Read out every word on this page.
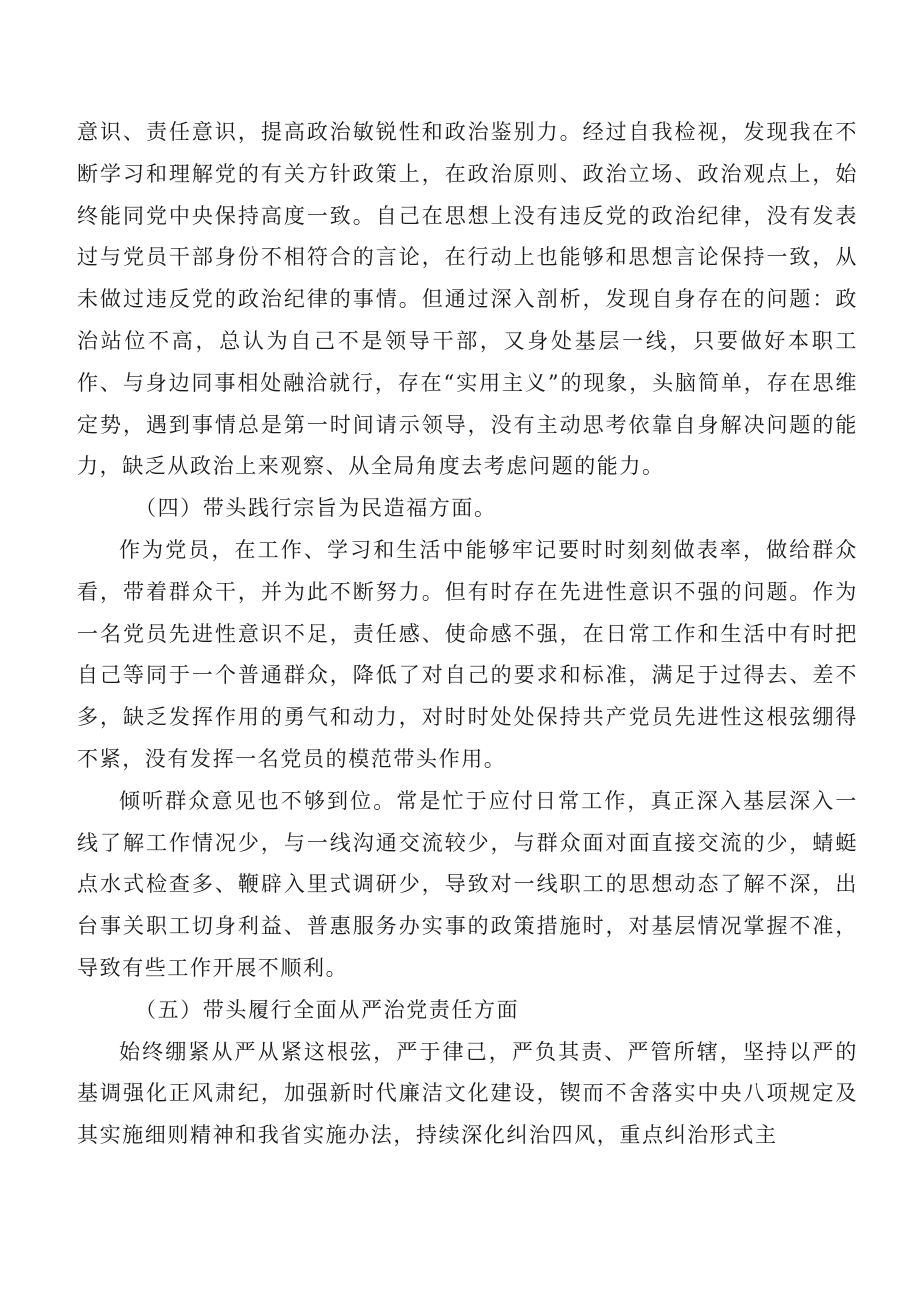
意识、责任意识，提高政治敏锐性和政治鉴别力。经过自我检视，发现我在不断学习和理解党的有关方针政策上，在政治原则、政治立场、政治观点上，始终能同党中央保持高度一致。自己在思想上没有违反党的政治纪律，没有发表过与党员干部身份不相符合的言论，在行动上也能够和思想言论保持一致，从未做过违反党的政治纪律的事情。但通过深入剖析，发现自身存在的问题：政治站位不高，总认为自己不是领导干部，又身处基层一线，只要做好本职工作、与身边同事相处融洽就行，存在“实用主义”的现象，头脑简单，存在思维定势，遇到事情总是第一时间请示领导，没有主动思考依靠自身解决问题的能力，缺乏从政治上来观察、从全局角度去考虑问题的能力。

（四）带头践行宗旨为民造福方面。

作为党员，在工作、学习和生活中能够牢记要时时刻刻做表率，做给群众看，带着群众干，并为此不断努力。但有时存在先进性意识不强的问题。作为一名党员先进性意识不足，责任感、使命感不强，在日常工作和生活中有时把自己等同于一个普通群众，降低了对自己的要求和标准，满足于过得去、差不多，缺乏发挥作用的勇气和动力，对时时处处保持共产党员先进性这根弦绷得不紧，没有发挥一名党员的模范带头作用。

倾听群众意见也不够到位。常是忙于应付日常工作，真正深入基层深入一线了解工作情况少，与一线沟通交流较少，与群众面对面直接交流的少，蜻蜓点水式检查多、鞭辟入里式调研少，导致对一线职工的思想动态了解不深，出台事关职工切身利益、普惠服务办实事的政策措施时，对基层情况掌握不准，导致有些工作开展不顺利。

（五）带头履行全面从严治党责任方面

始终绷紧从严从紧这根弦，严于律己，严负其责、严管所辖，坚持以严的基调强化正风肃纪，加强新时代廉洁文化建设，锲而不舍落实中央八项规定及其实施细则精神和我省实施办法，持续深化纠治四风，重点纠治形式主
